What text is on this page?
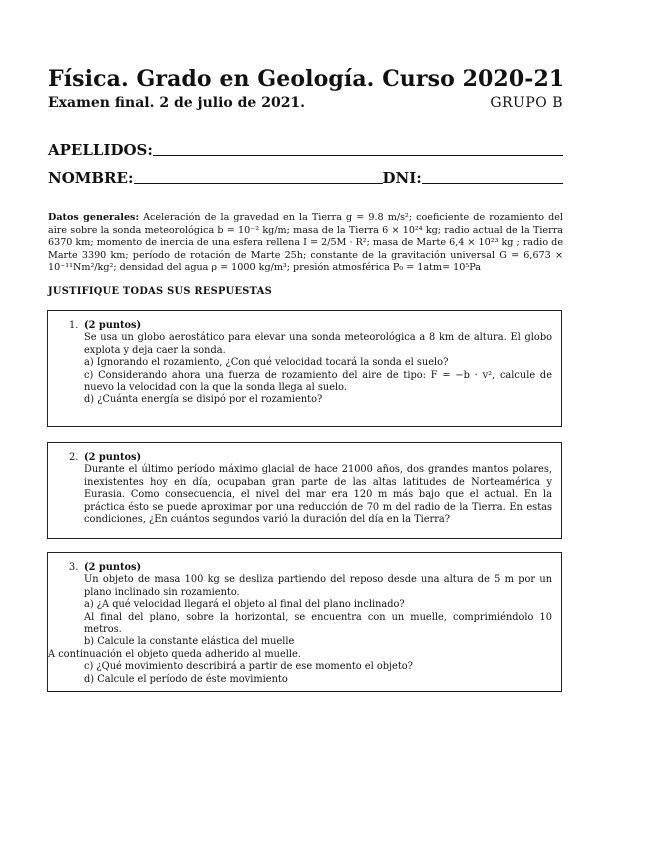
Física. Grado en Geología. Curso 2020-21
Examen final. 2 de julio de 2021.	GRUPO B
APELLIDOS:
NOMBRE:	DNI:
Datos generales: Aceleración de la gravedad en la Tierra g = 9.8 m/s²; coeficiente de rozamiento del aire sobre la sonda meteorológica b = 10⁻² kg/m; masa de la Tierra 6 × 10²⁴ kg; radio actual de la Tierra 6370 km; momento de inercia de una esfera rellena I = 2/5M · R²; masa de Marte 6,4 × 10²³ kg ; radio de Marte 3390 km; período de rotación de Marte 25h; constante de la gravitación universal G = 6,673 × 10⁻¹¹Nm²/kg²; densidad del agua ρ = 1000 kg/m³; presión atmosférica P₀ = 1atm= 10⁵Pa
JUSTIFIQUE TODAS SUS RESPUESTAS
1. (2 puntos)
Se usa un globo aerostático para elevar una sonda meteorológica a 8 km de altura. El globo explota y deja caer la sonda.
a) Ignorando el rozamiento, ¿Con qué velocidad tocará la sonda el suelo?
c) Considerando ahora una fuerza de rozamiento del aire de tipo: F = −b · v², calcule de nuevo la velocidad con la que la sonda llega al suelo.
d) ¿Cuánta energía se disipó por el rozamiento?
2. (2 puntos)
Durante el último período máximo glacial de hace 21000 años, dos grandes mantos polares, inexistentes hoy en día, ocupaban gran parte de las altas latitudes de Norteamérica y Eurasia. Como consecuencia, el nivel del mar era 120 m más bajo que el actual. En la práctica ésto se puede aproximar por una reducción de 70 m del radio de la Tierra. En estas condiciones, ¿En cuántos segundos varió la duración del día en la Tierra?
3. (2 puntos)
Un objeto de masa 100 kg se desliza partiendo del reposo desde una altura de 5 m por un plano inclinado sin rozamiento.
a) ¿A qué velocidad llegará el objeto al final del plano inclinado?
Al final del plano, sobre la horizontal, se encuentra con un muelle, comprimiéndolo 10 metros.
b) Calcule la constante elástica del muelle
A continuación el objeto queda adherido al muelle.
c) ¿Qué movimiento describirá a partir de ese momento el objeto?
d) Calcule el período de éste movimiento
